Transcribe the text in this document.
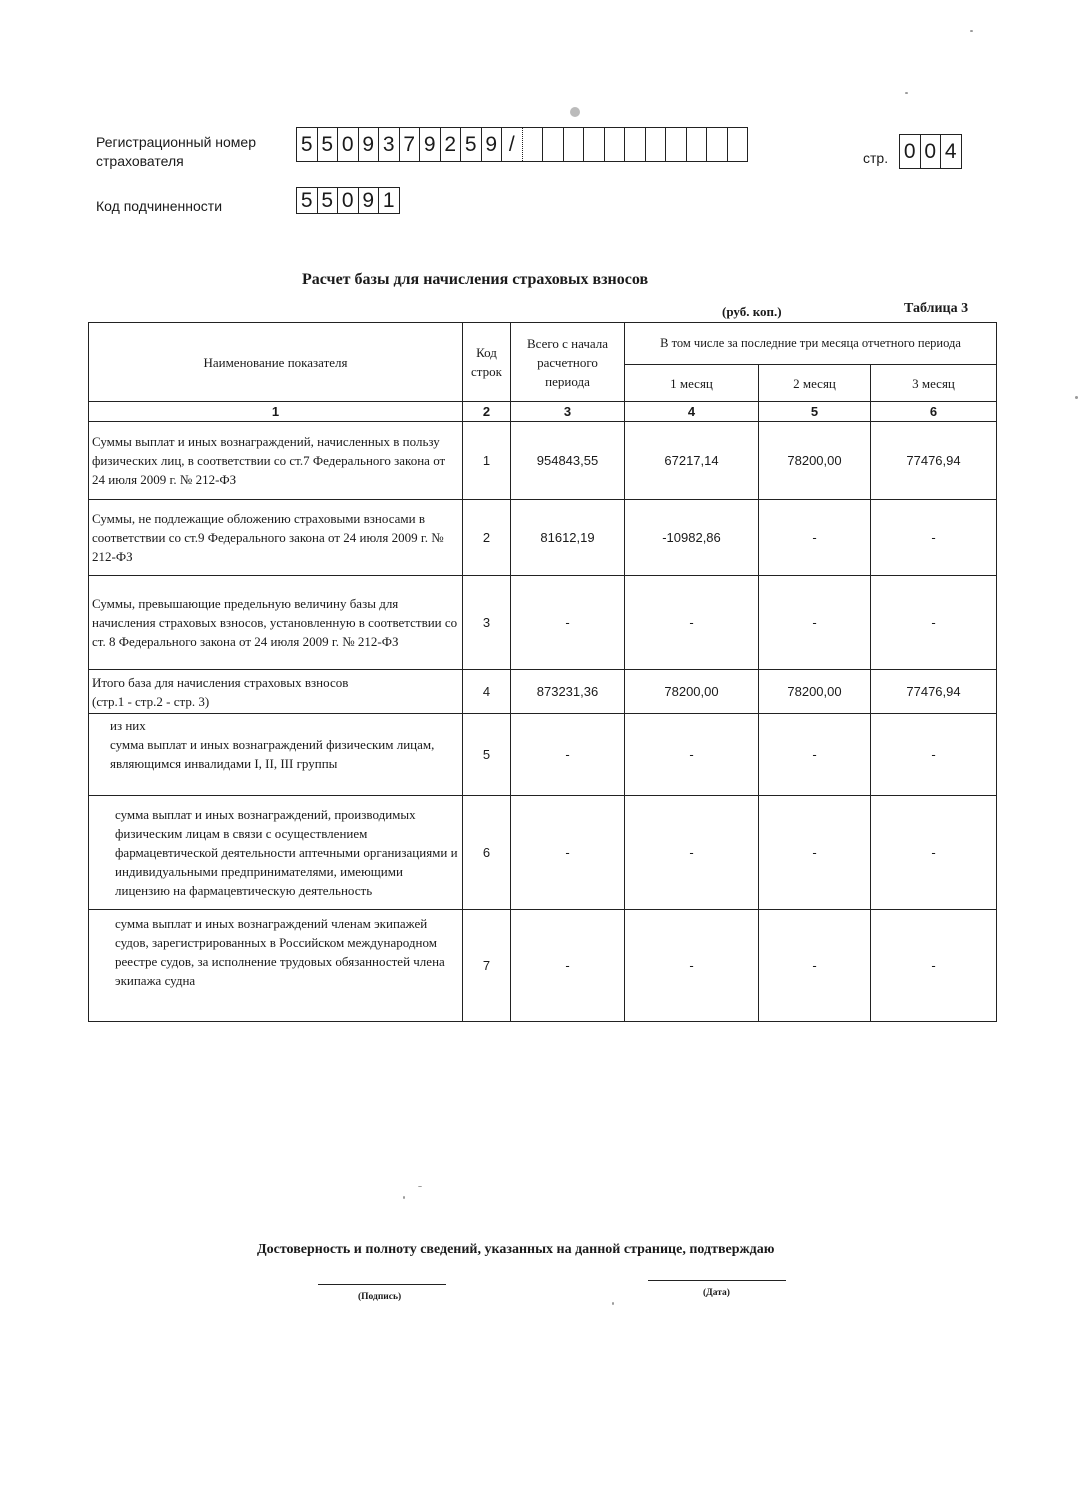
Регистрационный номер
страхователя
5 5 0 9 3 7 9 2 5 9 /
стр. 0 0 4
Код подчиненности	5 5 0 9 1
Расчет базы для начисления страховых взносов
(руб. коп.)	Таблица 3
Наименование показателя	Код строк	Всего с начала расчетного периода	В том числе за последние три месяца отчетного периода		
			1 месяц	2 месяц	3 месяц
1	2	3	4	5	6
Суммы выплат и иных вознаграждений, начисленных в пользу физических лиц, в соответствии со ст.7 Федерального закона от 24 июля 2009 г. № 212-ФЗ	1	954843,55	67217,14	78200,00	77476,94
Суммы, не подлежащие обложению страховыми взносами в соответствии со ст.9 Федерального закона от 24 июля 2009 г. № 212-ФЗ	2	81612,19	-10982,86	-	-
Суммы, превышающие предельную величину базы для начисления страховых взносов, установленную в соответствии со ст. 8 Федерального закона от 24 июля 2009 г. № 212-ФЗ	3	-	-	-	-

Итого база для начисления страховых взносов
(стр.1 - стр.2 - стр. 3)	4	873231,36	78200,00	78200,00	77476,94

из них
сумма выплат и иных вознаграждений физическим лицам, являющимся инвалидами I, II, III группы	5	-	-	-	-
сумма выплат и иных вознаграждений, производимых физическим лицам в связи с осуществлением фармацевтической деятельности аптечными организациями и индивидуальными предпринимателями, имеющими лицензию на фармацевтическую деятельность	6	-	-	-	-
сумма выплат и иных вознаграждений членам экипажей судов, зарегистрированных в Российском международном реестре судов, за исполнение трудовых обязанностей члена экипажа судна	7	-	-	-	-
Достоверность и полноту сведений, указанных на данной странице, подтверждаю
(Подпись)	(Дата)
